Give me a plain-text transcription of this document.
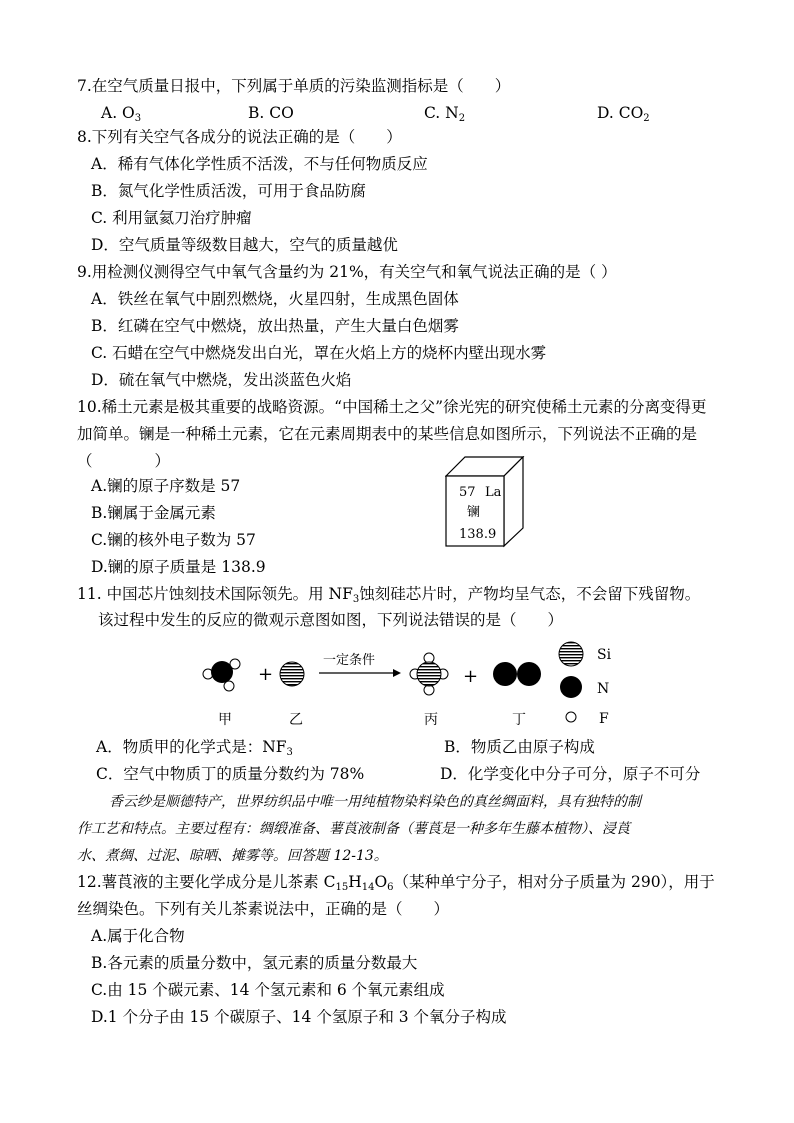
7.在空气质量日报中，下列属于单质的污染监测指标是（　　）
A. $O_3$	B. CO	C. $N_2$	D. $CO_2$
8.下列有关空气各成分的说法正确的是（　　）
A．稀有气体化学性质不活泼，不与任何物质反应
B．氮气化学性质活泼，可用于食品防腐
C. 利用氩氦刀治疗肿瘤
D．空气质量等级数目越大，空气的质量越优
9.用检测仪测得空气中氧气含量约为 21%，有关空气和氧气说法正确的是（ ）
A．铁丝在氧气中剧烈燃烧，火星四射，生成黑色固体
B．红磷在空气中燃烧，放出热量，产生大量白色烟雾
C. 石蜡在空气中燃烧发出白光，罩在火焰上方的烧杯内壁出现水雾
D．硫在氧气中燃烧，发出淡蓝色火焰
10.稀土元素是极其重要的战略资源。“中国稀土之父”徐光宪的研究使稀土元素的分离变得更
加简单。镧是一种稀土元素，它在元素周期表中的某些信息如图所示，下列说法不正确的是
（　　　　）
A.镧的原子序数是 57
B.镧属于金属元素
C.镧的核外电子数为 57
D.镧的原子质量是 138.9
57 La
镧
138.9
11. 中国芯片蚀刻技术国际领先。用 $NF_3$蚀刻硅芯片时，产物均呈气态，不会留下残留物。
该过程中发生的反应的微观示意图如图，下列说法错误的是（　　）
+
一定条件
+
Si
N
F
甲	乙	丙	丁
A．物质甲的化学式是：$NF_3$	B．物质乙由原子构成
C．空气中物质丁的质量分数约为 78%	D．化学变化中分子可分，原子不可分
香云纱是顺德特产，世界纺织品中唯一用纯植物染料染色的真丝绸面料，具有独特的制
作工艺和特点。主要过程有：绸缎准备、薯莨液制备（薯莨是一种多年生藤本植物）、浸莨
水、煮绸、过泥、晾晒、摊雾等。回答题 12-13。
12.薯莨液的主要化学成分是儿茶素 $C_{15}H_{14}O_6$（某种单宁分子，相对分子质量为 290），用于
丝绸染色。下列有关儿茶素说法中，正确的是（　　）
A.属于化合物
B.各元素的质量分数中，氢元素的质量分数最大
C.由 15 个碳元素、14 个氢元素和 6 个氧元素组成
D.1 个分子由 15 个碳原子、14 个氢原子和 3 个氧分子构成
